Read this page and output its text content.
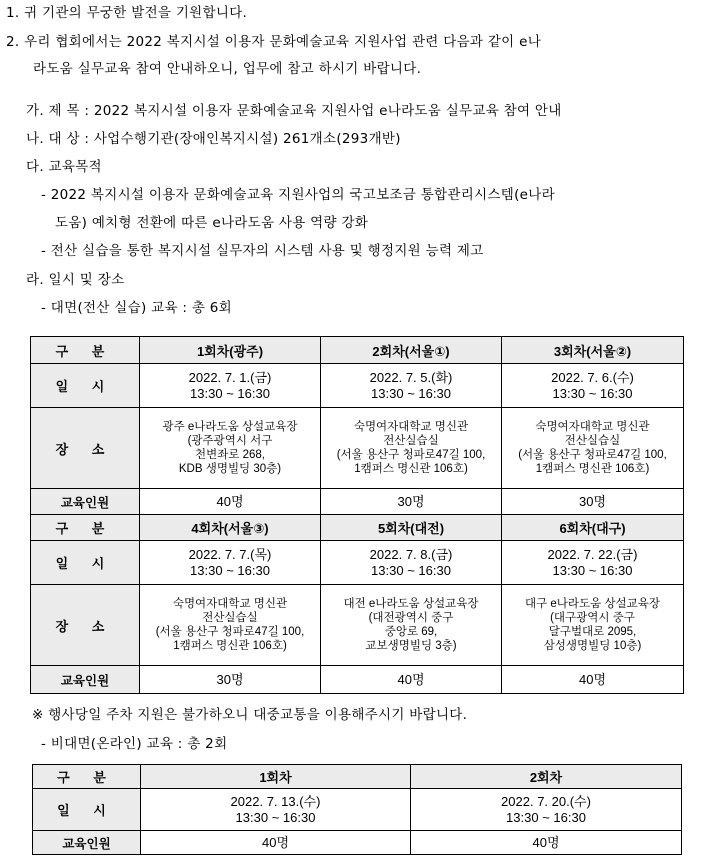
1. 귀 기관의 무궁한 발전을 기원합니다.
2. 우리 협회에서는 2022 복지시설 이용자 문화예술교육 지원사업 관련 다음과 같이 e나
라도움 실무교육 참여 안내하오니, 업무에 참고 하시기 바랍니다.
가. 제 목 : 2022 복지시설 이용자 문화예술교육 지원사업 e나라도움 실무교육 참여 안내
나. 대 상 : 사업수행기관(장애인복지시설) 261개소(293개반)
다. 교육목적
- 2022 복지시설 이용자 문화예술교육 지원사업의 국고보조금 통합관리시스템(e나라
도움) 예치형 전환에 따른 e나라도움 사용 역량 강화
- 전산 실습을 통한 복지시설 실무자의 시스템 사용 및 행정지원 능력 제고
라. 일시 및 장소
- 대면(전산 실습) 교육 : 총 6회
구 분	1회차(광주)	2회차(서울①)	3회차(서울②)
일 시	2022. 7. 1.(금)
13:30 ~ 16:30	2022. 7. 5.(화)
13:30 ~ 16:30	2022. 7. 6.(수)
13:30 ~ 16:30

장 소	광주 e나라도움 상설교육장
(광주광역시 서구
천변좌로 268,
KDB 생명빌딩 30층)	숙명여자대학교 명신관
전산실습실
(서울 용산구 청파로47길 100,
1캠퍼스 명신관 106호)	숙명여자대학교 명신관
전산실습실
(서울 용산구 청파로47길 100,
1캠퍼스 명신관 106호)

교육인원	40명	30명	30명
구 분	4회차(서울③)	5회차(대전)	6회차(대구)
일 시	2022. 7. 7.(목)
13:30 ~ 16:30	2022. 7. 8.(금)
13:30 ~ 16:30	2022. 7. 22.(금)
13:30 ~ 16:30

장 소	숙명여자대학교 명신관
전산실습실
(서울 용산구 청파로47길 100,
1캠퍼스 명신관 106호)	대전 e나라도움 상설교육장
(대전광역시 중구
중앙로 69,
교보생명빌딩 3층)	대구 e나라도움 상설교육장
(대구광역시 중구
달구벌대로 2095,
삼성생명빌딩 10층)

교육인원	30명	40명	40명
※ 행사당일 주차 지원은 불가하오니 대중교통을 이용해주시기 바랍니다.
- 비대면(온라인) 교육 : 총 2회
구 분	1회차	2회차
일 시	2022. 7. 13.(수)
13:30 ~ 16:30	2022. 7. 20.(수)
13:30 ~ 16:30

교육인원	40명	40명
